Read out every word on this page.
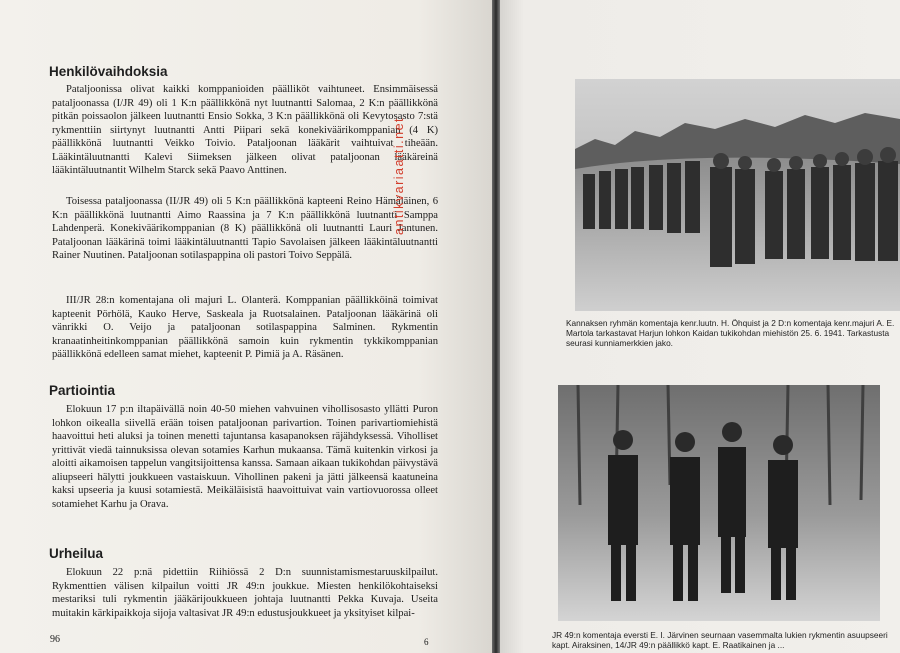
Henkilövaihdoksia

Pataljoonissa olivat kaikki komppanioiden päälliköt vaihtuneet. Ensimmäisessä pataljoonassa (I/JR 49) oli 1 K:n päällikkönä nyt luutnantti Salomaa, 2 K:n päällikkönä pitkän poissaolon jälkeen luutnantti Ensio Sokka, 3 K:n päällikkönä oli Kevytosasto 7:stä rykmenttiin siirtynyt luutnantti Antti Piipari sekä konekiväärikomppanian (4 K) päällikkönä luutnantti Veikko Toivio. Pataljoonan lääkärit vaihtuivat tiheään. Lääkintäluutnantti Kalevi Siimeksen jälkeen olivat pataljoonan lääkäreinä lääkintäluutnantit Wilhelm Starck sekä Paavo Anttinen.

Toisessa pataljoonassa (II/JR 49) oli 5 K:n päällikkönä kapteeni Reino Hämäläinen, 6 K:n päällikkönä luutnantti Aimo Raassina ja 7 K:n päällikkönä luutnantti Samppa Lahdenperä. Konekiväärikomppanian (8 K) päällikkönä oli luutnantti Lauri Jantunen. Pataljoonan lääkärinä toimi lääkintäluutnantti Tapio Savolaisen jälkeen lääkintäluutnantti Rainer Nuutinen. Pataljoonan sotilaspappina oli pastori Toivo Seppälä.

III/JR 28:n komentajana oli majuri L. Olanterä. Komppanian päällikköinä toimivat kapteenit Pörhölä, Kauko Herve, Saskeala ja Ruotsalainen. Pataljoonan lääkärinä oli vänrikki O. Veijo ja pataljoonan sotilaspappina Salminen. Rykmentin kranaatinheitinkomppanian päällikkönä samoin kuin rykmentin tykkikomppanian päällikkönä edelleen samat miehet, kapteenit P. Pimiä ja A. Räsänen.

Partiointia

Elokuun 17 p:n iltapäivällä noin 40-50 miehen vahvuinen vihollisosasto yllätti Puron lohkon oikealla siivellä erään toisen pataljoonan parivartion. Toinen parivartiomiehistä haavoittui heti aluksi ja toinen menetti tajuntansa kasapanoksen räjähdyksessä. Viholliset yrittivät viedä tainnuksissa olevan sotamies Karhun mukaansa. Tämä kuitenkin virkosi ja aloitti aikamoisen tappelun vangitsijoittensa kanssa. Samaan aikaan tukikohdan päivystävä aliupseeri hälytti joukkueen vastaiskuun. Vihollinen pakeni ja jätti jälkeensä kaatuneina kaksi upseeria ja kuusi sotamiestä. Meikäläisistä haavoittuivat vain vartiovuorossa olleet sotamiehet Karhu ja Orava.

Urheilua

Elokuun 22 p:nä pidettiin Riihiössä 2 D:n suunnistamismestaruuskilpailut. Rykmenttien välisen kilpailun voitti JR 49:n joukkue. Miesten henkilökohtaiseksi mestariksi tuli rykmentin jääkärijoukkueen johtaja luutnantti Pekka Kuvaja. Useita muitakin kärkipaikkoja sijoja valtasivat JR 49:n edustusjoukkueet ja yksityiset kilpai-

96	6
antikvariaatti.net

Kannaksen ryhmän komentaja kenr.luutn. H. Öhquist ja 2 D:n komentaja kenr.majuri A. E. Martola tarkastavat Harjun lohkon Kaidan tukikohdan miehistön 25. 6. 1941. Tarkastusta seurasi kunniamerkkien jako.

JR 49:n komentaja eversti E. I. Järvinen seurnaan vasemmalta lukien rykmentin asuupseeri kapt. Airaksinen, 14/JR 49:n päällikkö kapt. E. Raatikainen ja ...
